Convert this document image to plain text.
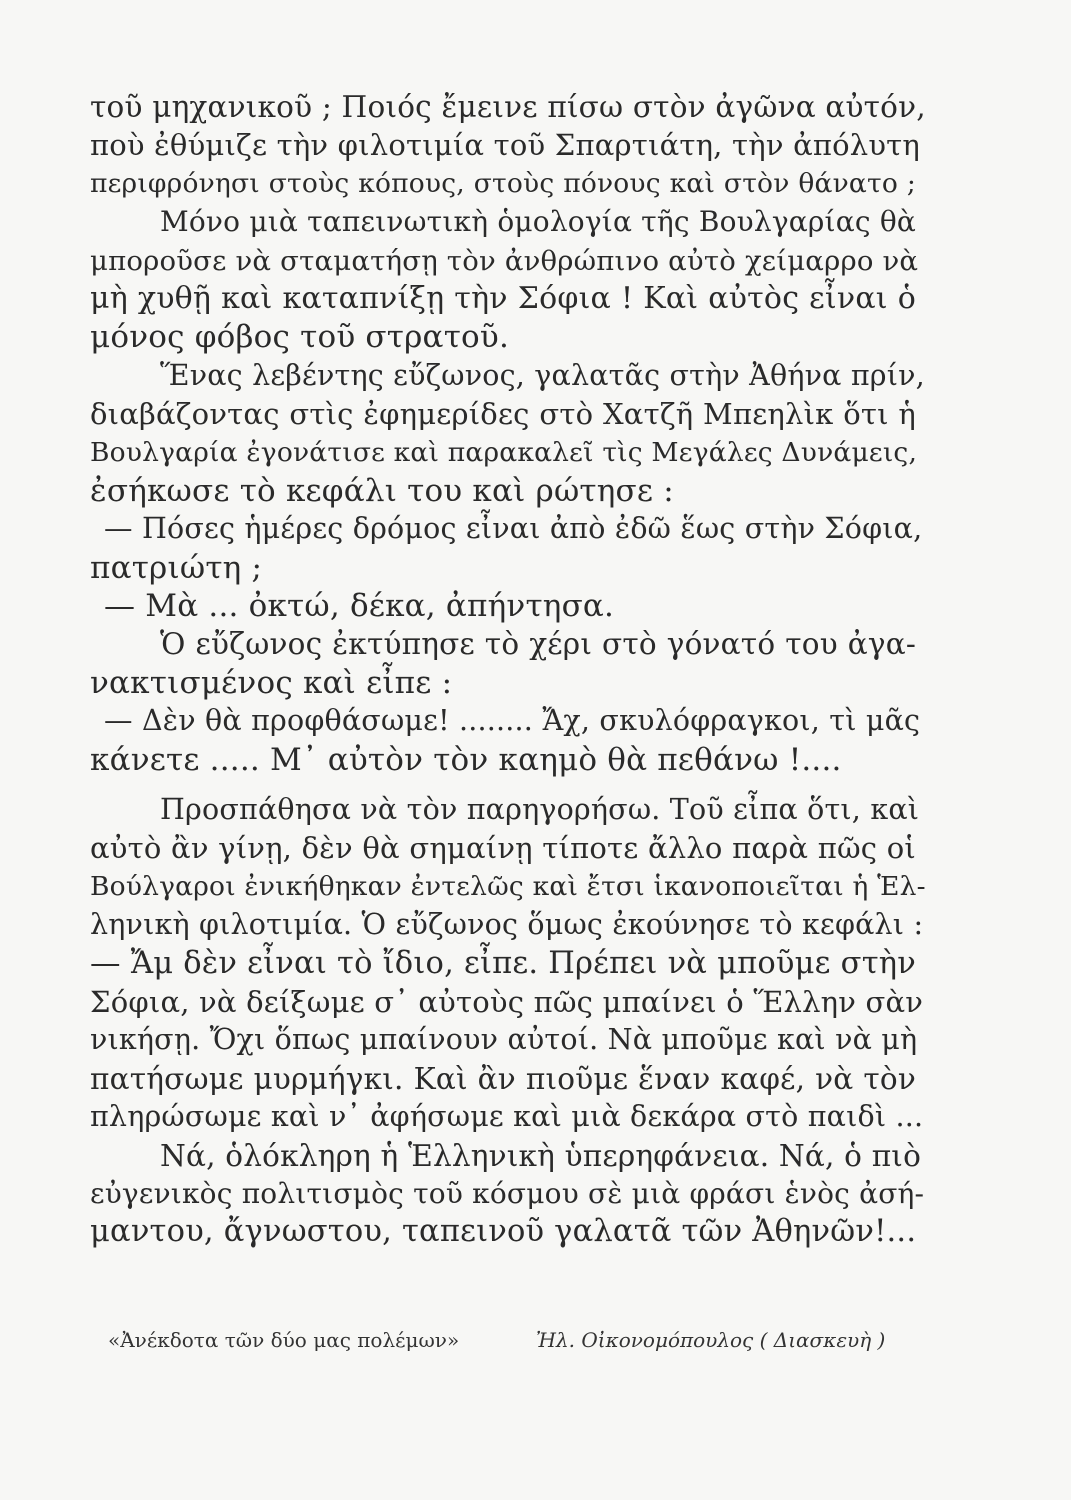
τοῦ μηχανικοῦ ; Ποιός ἔμεινε πίσω στὸν ἀγῶνα αὐτόν,
ποὺ ἐθύμιζε τὴν φιλοτιμία τοῦ Σπαρτιάτη, τὴν ἀπόλυτη
περιφρόνησι στοὺς κόπους, στοὺς πόνους καὶ στὸν θάνατο ;
Μόνο μιὰ ταπεινωτικὴ ὁμολογία τῆς Βουλγαρίας θὰ
μποροῦσε νὰ σταματήσῃ τὸν ἀνθρώπινο αὐτὸ χείμαρρο νὰ
μὴ χυθῇ καὶ καταπνίξῃ τὴν Σόφια ! Καὶ αὐτὸς εἶναι ὁ
μόνος φόβος τοῦ στρατοῦ.
Ἕνας λεβέντης εὔζωνος, γαλατᾶς στὴν Ἀθήνα πρίν,
διαβάζοντας στὶς ἐφημερίδες στὸ Χατζῆ Μπεηλὶκ ὅτι ἡ
Βουλγαρία ἐγονάτισε καὶ παρακαλεῖ τὶς Μεγάλες Δυνάμεις,
ἐσήκωσε τὸ κεφάλι του καὶ ρώτησε :
— Πόσες ἡμέρες δρόμος εἶναι ἀπὸ ἐδῶ ἕως στὴν Σόφια,
πατριώτη ;
— Μὰ ... ὀκτώ, δέκα, ἀπήντησα.
Ὁ εὔζωνος ἐκτύπησε τὸ χέρι στὸ γόνατό του ἀγα-
νακτισμένος καὶ εἶπε :
— Δὲν θὰ προφθάσωμε! ........ Ἄχ, σκυλόφραγκοι, τὶ μᾶς
κάνετε ..... Μ᾽ αὐτὸν τὸν καημὸ θὰ πεθάνω !....
Προσπάθησα νὰ τὸν παρηγορήσω. Τοῦ εἶπα ὅτι, καὶ
αὐτὸ ἂν γίνῃ, δὲν θὰ σημαίνῃ τίποτε ἄλλο παρὰ πῶς οἱ
Βούλγαροι ἐνικήθηκαν ἐντελῶς καὶ ἔτσι ἱκανοποιεῖται ἡ Ἑλ-
ληνικὴ φιλοτιμία. Ὁ εὔζωνος ὅμως ἐκούνησε τὸ κεφάλι :
— Ἄμ δὲν εἶναι τὸ ἴδιο, εἶπε. Πρέπει νὰ μποῦμε στὴν
Σόφια, νὰ δείξωμε σ᾽ αὐτοὺς πῶς μπαίνει ὁ Ἕλλην σὰν
νικήσῃ. Ὄχι ὅπως μπαίνουν αὐτοί. Νὰ μποῦμε καὶ νὰ μὴ
πατήσωμε μυρμήγκι. Καὶ ἂν πιοῦμε ἕναν καφέ, νὰ τὸν
πληρώσωμε καὶ ν᾽ ἀφήσωμε καὶ μιὰ δεκάρα στὸ παιδὶ ...
Νά, ὁλόκληρη ἡ Ἑλληνικὴ ὑπερηφάνεια. Νά, ὁ πιὸ
εὐγενικὸς πολιτισμὸς τοῦ κόσμου σὲ μιὰ φράσι ἑνὸς ἀσή-
μαντου, ἄγνωστου, ταπεινοῦ γαλατᾶ τῶν Ἀθηνῶν!...
«Ἀνέκδοτα τῶν δύο μας πολέμων»	Ἠλ. Οἰκονομόπουλος ( Διασκευὴ )
